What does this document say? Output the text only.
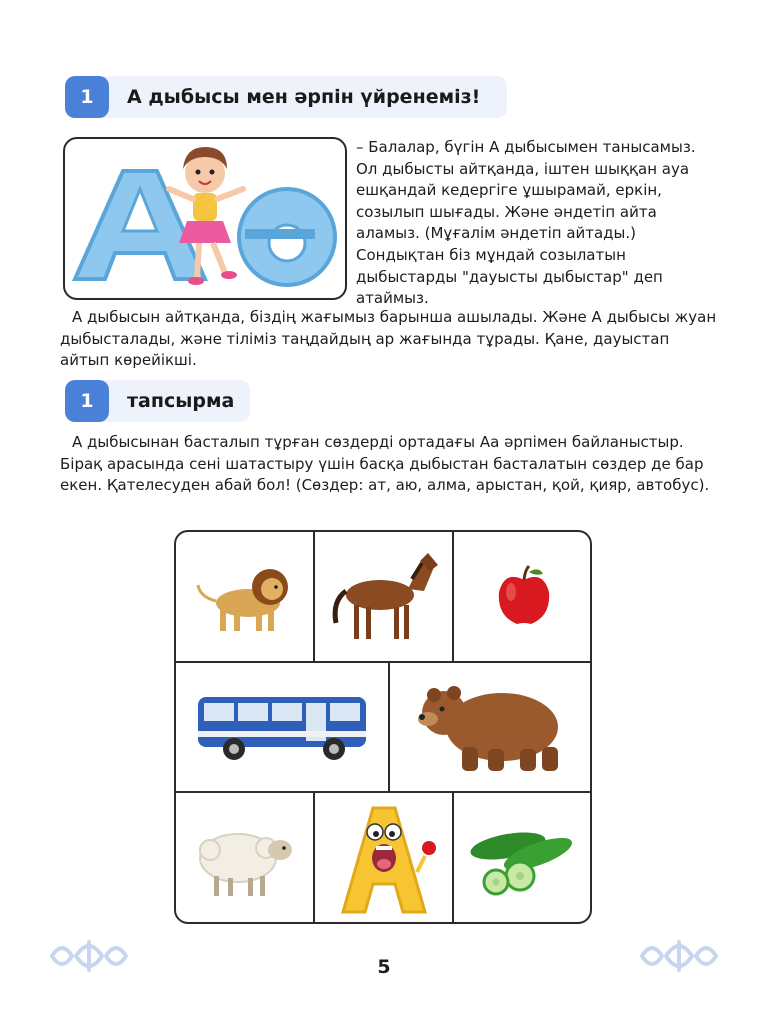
1	А дыбысы мен әрпін үйренеміз!

– Балалар, бүгін А дыбысымен танысамыз. Ол дыбысты айтқанда, іштен шыққан ауа ешқандай кедергіге ұшырамай, еркін, созылып шығады. Және әндетіп айта аламыз. (Мұғалім әндетіп айтады.) Сондықтан біз мұндай созылатын дыбыстарды "дауысты дыбыстар" деп атаймыз.

А дыбысын айтқанда, біздің жағымыз барынша ашылады. Және А дыбысы жуан дыбысталады, және тіліміз таңдайдың ар жағында тұрады. Қане, дауыстап айтып көрейікші.

1	тапсырма

А дыбысынан басталып тұрған сөздерді ортадағы Аа әрпімен байланыстыр. Бірақ арасында сені шатастыру үшін басқа дыбыстан басталатын сөздер де бар екен. Қателесуден абай бол! (Сөздер: ат, аю, алма, арыстан, қой, қияр, автобус).

A
5
